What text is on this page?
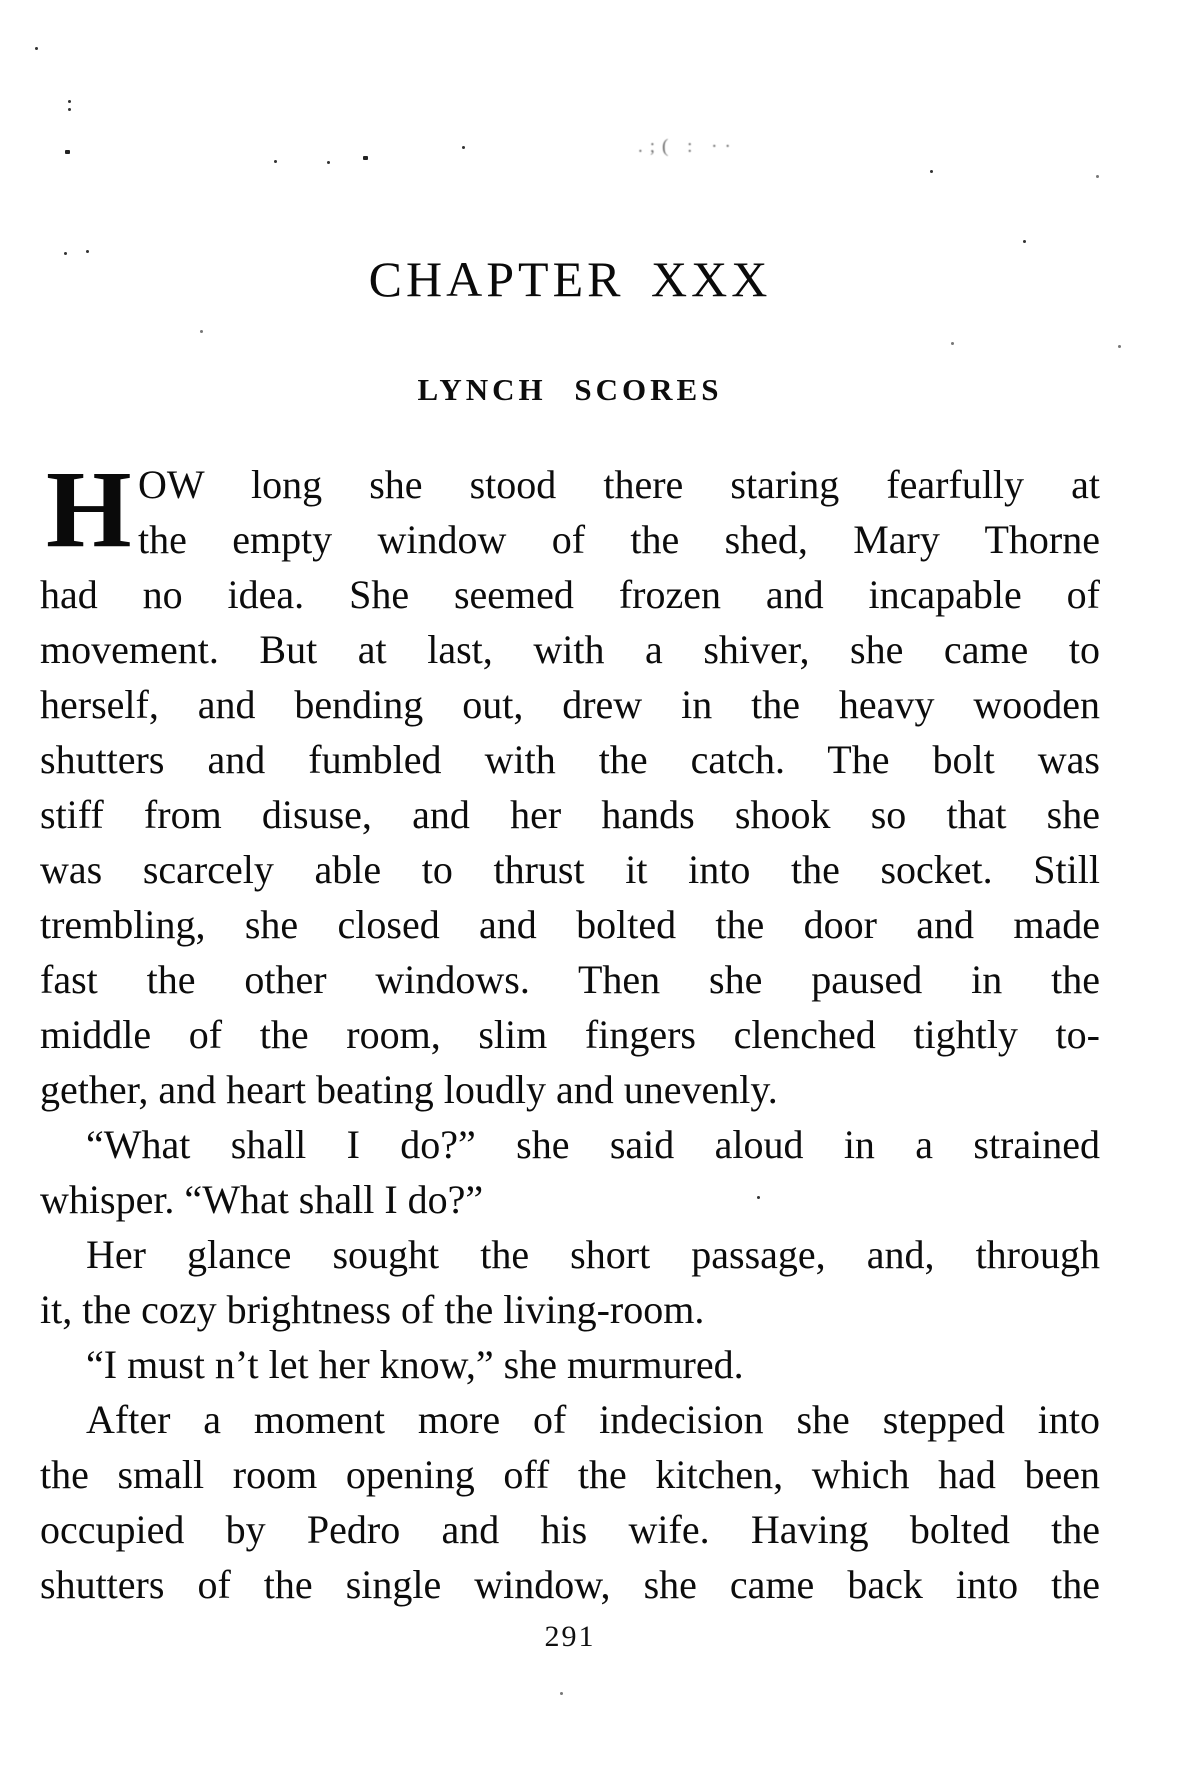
.;( : ··
CHAPTER XXX
LYNCH SCORES
H OW long she stood there staring fearfully at
the empty window of the shed, Mary Thorne
had no idea. She seemed frozen and incapable of
movement. But at last, with a shiver, she came to
herself, and bending out, drew in the heavy wooden
shutters and fumbled with the catch. The bolt was
stiff from disuse, and her hands shook so that she
was scarcely able to thrust it into the socket. Still
trembling, she closed and bolted the door and made
fast the other windows. Then she paused in the
middle of the room, slim fingers clenched tightly to-
gether, and heart beating loudly and unevenly.
“What shall I do?” she said aloud in a strained
whisper. “What shall I do?”
Her glance sought the short passage, and, through
it, the cozy brightness of the living-room.
“I must n’t let her know,” she murmured.
After a moment more of indecision she stepped into
the small room opening off the kitchen, which had been
occupied by Pedro and his wife. Having bolted the
shutters of the single window, she came back into the
291
